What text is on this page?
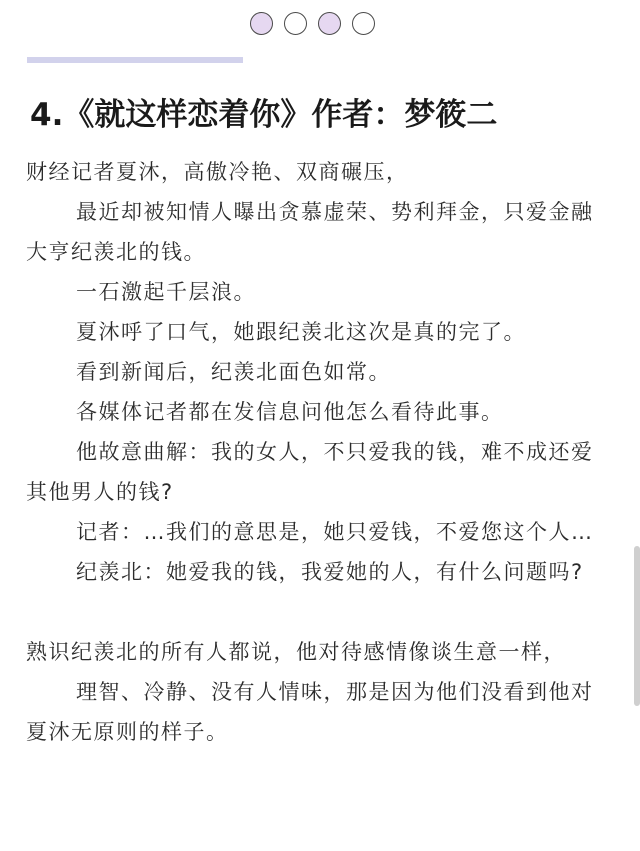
4.《就这样恋着你》作者：梦筱二

财经记者夏沐，高傲冷艳、双商碾压，

最近却被知情人曝出贪慕虚荣、势利拜金，只爱金融大亨纪羡北的钱。

一石激起千层浪。

夏沐呼了口气，她跟纪羡北这次是真的完了。

看到新闻后，纪羡北面色如常。

各媒体记者都在发信息问他怎么看待此事。

他故意曲解：我的女人，不只爱我的钱，难不成还爱其他男人的钱?

记者：…我们的意思是，她只爱钱，不爱您这个人…

纪羡北：她爱我的钱，我爱她的人，有什么问题吗?

熟识纪羡北的所有人都说，他对待感情像谈生意一样，

理智、冷静、没有人情味，那是因为他们没看到他对夏沐无原则的样子。
